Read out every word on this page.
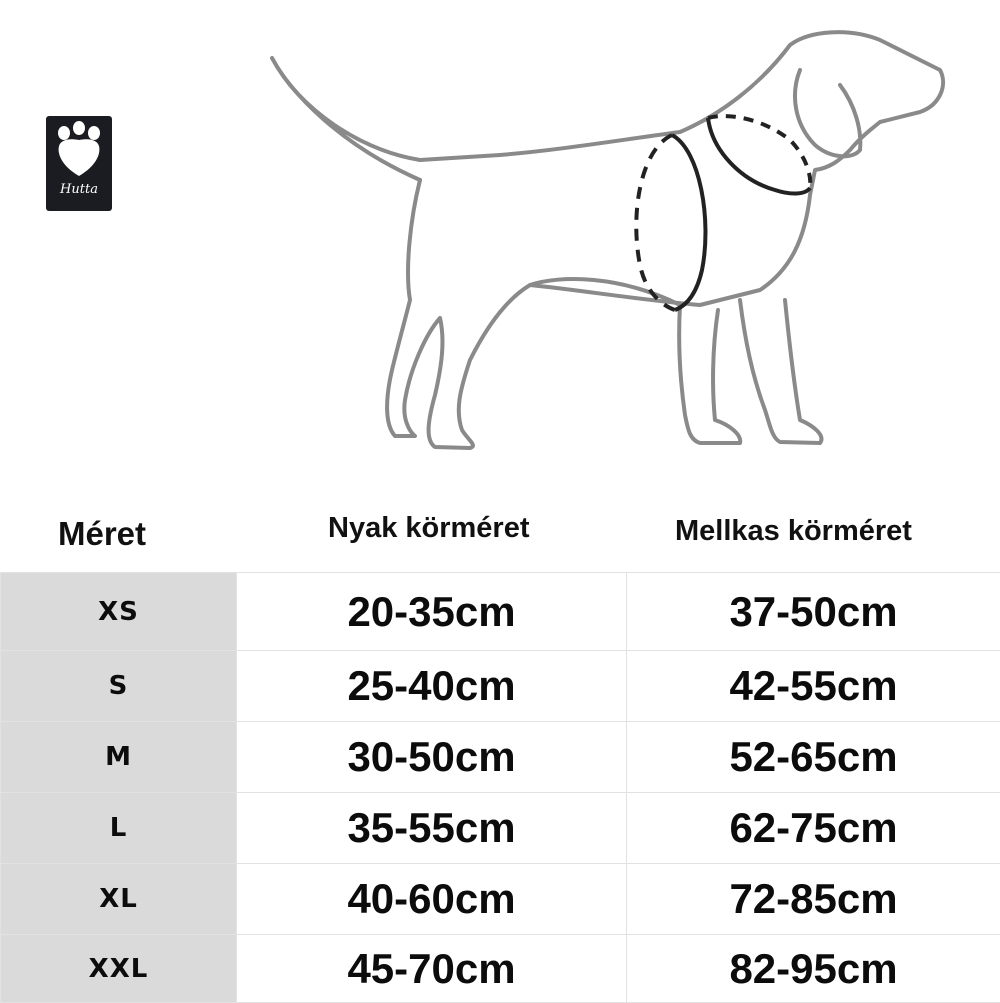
Hutta
Méret	Nyak körméret	Mellkas körméret
XS	20-35cm	37-50cm
S	25-40cm	42-55cm
M	30-50cm	52-65cm
L	35-55cm	62-75cm
XL	40-60cm	72-85cm
XXL	45-70cm	82-95cm
